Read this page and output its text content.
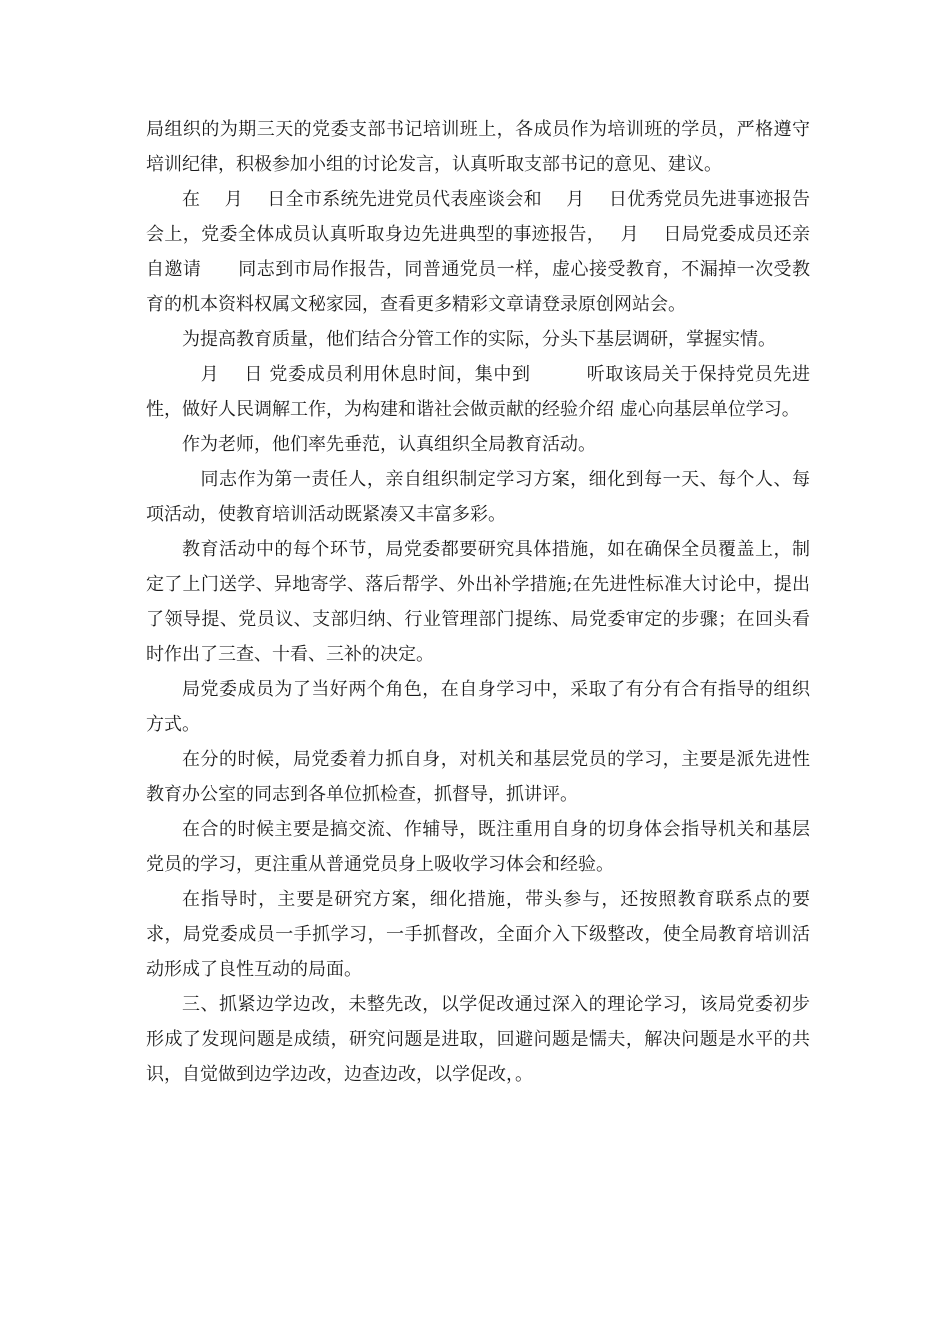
局组织的为期三天的党委支部书记培训班上，各成员作为培训班的学员，严格遵守培训纪律，积极参加小组的讨论发言，认真听取支部书记的意见、建议。

在　 月　 日全市系统先进党员代表座谈会和　 月　 日优秀党员先进事迹报告会上，党委全体成员认真听取身边先进典型的事迹报告，　 月　 日局党委成员还亲自邀请　　同志到市局作报告，同普通党员一样，虚心接受教育，不漏掉一次受教育的机本资料权属文秘家园，查看更多精彩文章请登录原创网站会。

为提高教育质量，他们结合分管工作的实际，分头下基层调研，掌握实情。

　月　 日 党委成员利用休息时间，集中到　　　听取该局关于保持党员先进性，做好人民调解工作，为构建和谐社会做贡献的经验介绍 虚心向基层单位学习。

作为老师，他们率先垂范，认真组织全局教育活动。

　同志作为第一责任人，亲自组织制定学习方案，细化到每一天、每个人、每项活动，使教育培训活动既紧凑又丰富多彩。

教育活动中的每个环节，局党委都要研究具体措施，如在确保全员覆盖上，制定了上门送学、异地寄学、落后帮学、外出补学措施;在先进性标准大讨论中，提出了领导提、党员议、支部归纳、行业管理部门提练、局党委审定的步骤；在回头看时作出了三查、十看、三补的决定。

局党委成员为了当好两个角色，在自身学习中，采取了有分有合有指导的组织方式。

在分的时候，局党委着力抓自身，对机关和基层党员的学习，主要是派先进性教育办公室的同志到各单位抓检查，抓督导，抓讲评。

在合的时候主要是搞交流、作辅导，既注重用自身的切身体会指导机关和基层党员的学习，更注重从普通党员身上吸收学习体会和经验。

在指导时，主要是研究方案，细化措施，带头参与，还按照教育联系点的要求，局党委成员一手抓学习，一手抓督改，全面介入下级整改，使全局教育培训活动形成了良性互动的局面。

三、抓紧边学边改，未整先改，以学促改通过深入的理论学习，该局党委初步形成了发现问题是成绩，研究问题是进取，回避问题是懦夫，解决问题是水平的共识，自觉做到边学边改，边查边改，以学促改，。
